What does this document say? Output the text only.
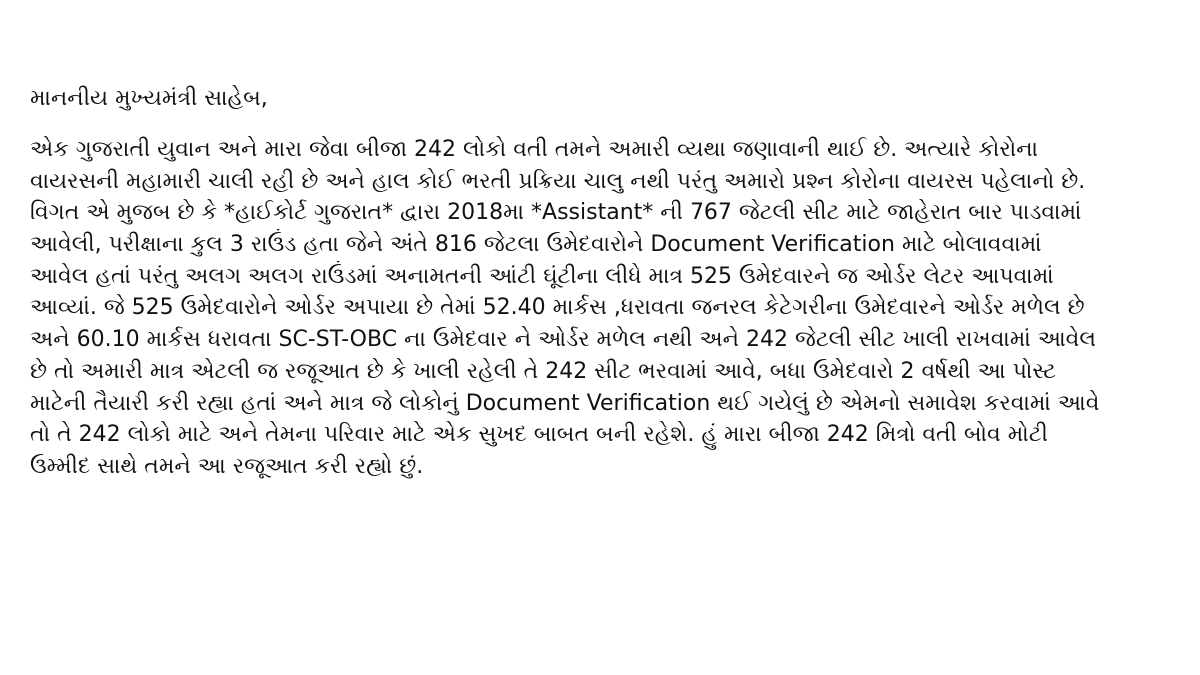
માનનીય મુખ્યમંત્રી સાહેબ,
એક ગુજરાતી યુવાન અને મારા જેવા બીજા 242 લોકો વતી તમને અમારી વ્યથા જણાવાની થાઈ છે. અત્યારે કોરોના
વાયરસની મહામારી ચાલી રહી છે અને હાલ કોઈ ભરતી પ્રક્રિયા ચાલુ નથી પરંતુ અમારો પ્રશ્ન કોરોના વાયરસ પહેલાનો છે.
વિગત એ મુજબ છે કે *હાઈકોર્ટ ગુજરાત* દ્વારા 2018મા *Assistant* ની 767 જેટલી સીટ માટે જાહેરાત બાર પાડવામાં
આવેલી, પરીક્ષાના કુલ 3 રાઉંડ હતા જેને અંતે 816 જેટલા ઉમેદવારોને Document Verification માટે બોલાવવામાં
આવેલ હતાં પરંતુ અલગ અલગ રાઉંડમાં અનામતની આંટી ઘૂંટીના લીધે માત્ર 525 ઉમેદવારને જ ઓર્ડર લેટર આપવામાં
આવ્યાં. જે 525 ઉમેદવારોને ઓર્ડર અપાયા છે તેમાં 52.40 માર્કસ ,ધરાવતા જનરલ કેટેગરીના ઉમેદવારને ઓર્ડર મળેલ છે
અને 60.10 માર્કસ ધરાવતા SC-ST-OBC ના ઉમેદવાર ને ઓર્ડર મળેલ નથી અને 242 જેટલી સીટ ખાલી રાખવામાં આવેલ
છે તો અમારી માત્ર એટલી જ રજૂઆત છે કે ખાલી રહેલી તે 242 સીટ ભરવામાં આવે, બધા ઉમેદવારો 2 વર્ષથી આ પોસ્ટ
માટેની તૈયારી કરી રહ્યા હતાં અને માત્ર જે લોકોનું Document Verification થઈ ગયેલું છે એમનો સમાવેશ કરવામાં આવે
તો તે 242 લોકો માટે અને તેમના પરિવાર માટે એક સુખદ બાબત બની રહેશે. હું મારા બીજા 242 મિત્રો વતી બોવ મોટી
ઉમ્મીદ સાથે તમને આ રજૂઆત કરી રહ્યો છું.
